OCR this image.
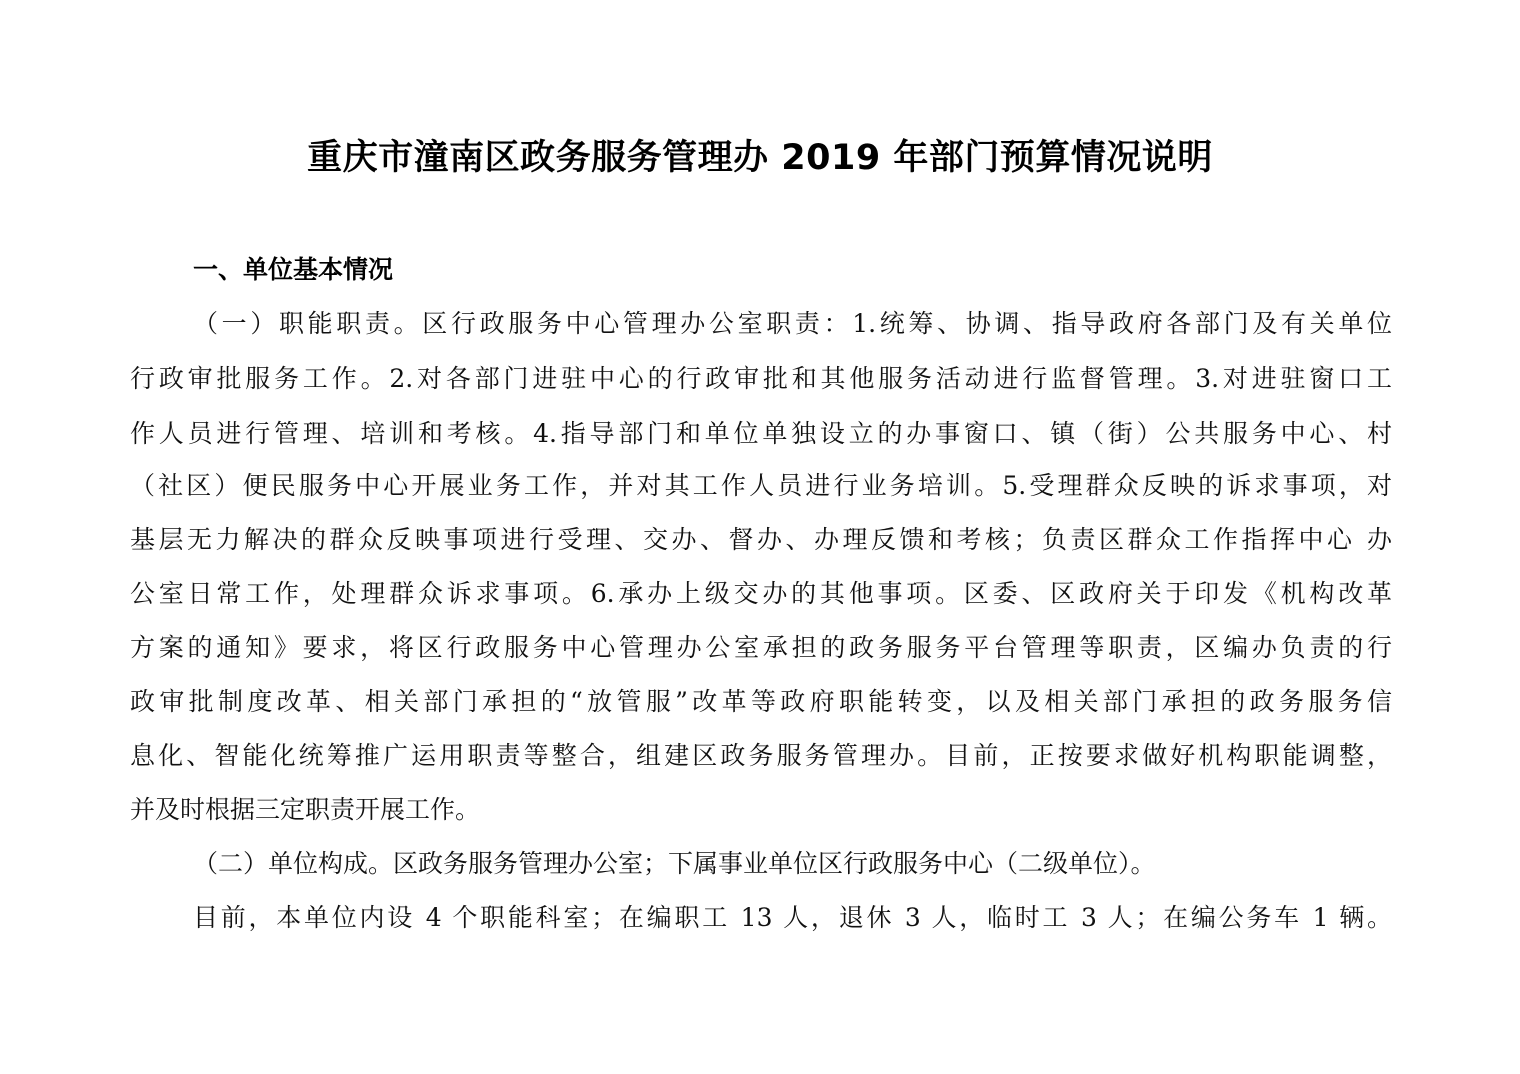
重庆市潼南区政务服务管理办 2019 年部门预算情况说明
一、单位基本情况
（一）职能职责。区行政服务中心管理办公室职责：1.统筹、协调、指导政府各部门及有关单位
行政审批服务工作。2.对各部门进驻中心的行政审批和其他服务活动进行监督管理。3.对进驻窗口工
作人员进行管理、培训和考核。4.指导部门和单位单独设立的办事窗口、镇（街）公共服务中心、村
（社区）便民服务中心开展业务工作，并对其工作人员进行业务培训。5.受理群众反映的诉求事项，对
基层无力解决的群众反映事项进行受理、交办、督办、办理反馈和考核；负责区群众工作指挥中心 办
公室日常工作，处理群众诉求事项。6.承办上级交办的其他事项。区委、区政府关于印发《机构改革
方案的通知》要求，将区行政服务中心管理办公室承担的政务服务平台管理等职责，区编办负责的行
政审批制度改革、相关部门承担的“放管服”改革等政府职能转变，以及相关部门承担的政务服务信
息化、智能化统筹推广运用职责等整合，组建区政务服务管理办。目前，正按要求做好机构职能调整，
并及时根据三定职责开展工作。
（二）单位构成。区政务服务管理办公室；下属事业单位区行政服务中心（二级单位）。
目前，本单位内设 4 个职能科室；在编职工 13 人，退休 3 人，临时工 3 人；在编公务车 1 辆。
